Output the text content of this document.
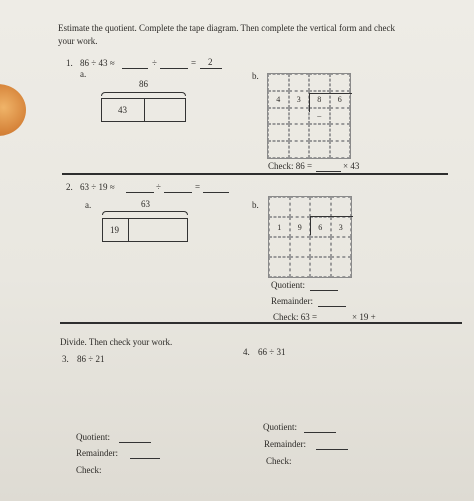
Estimate the quotient. Complete the tape diagram. Then complete the vertical form and check
your work.
1. 86 ÷ 43 ≈	÷	= 2
a.
86
43
b.
4	3	8	6
–
Check: 86 =	× 43
2. 63 ÷ 19 ≈	÷	=
a.	63
19
b.
1	9	6	3
Quotient:
Remainder:
Check: 63 =	× 19 +
Divide. Then check your work.
3. 86 ÷ 21
4. 66 ÷ 31
Quotient:
Remainder:
Check:
Quotient:
Remainder:
Check:
